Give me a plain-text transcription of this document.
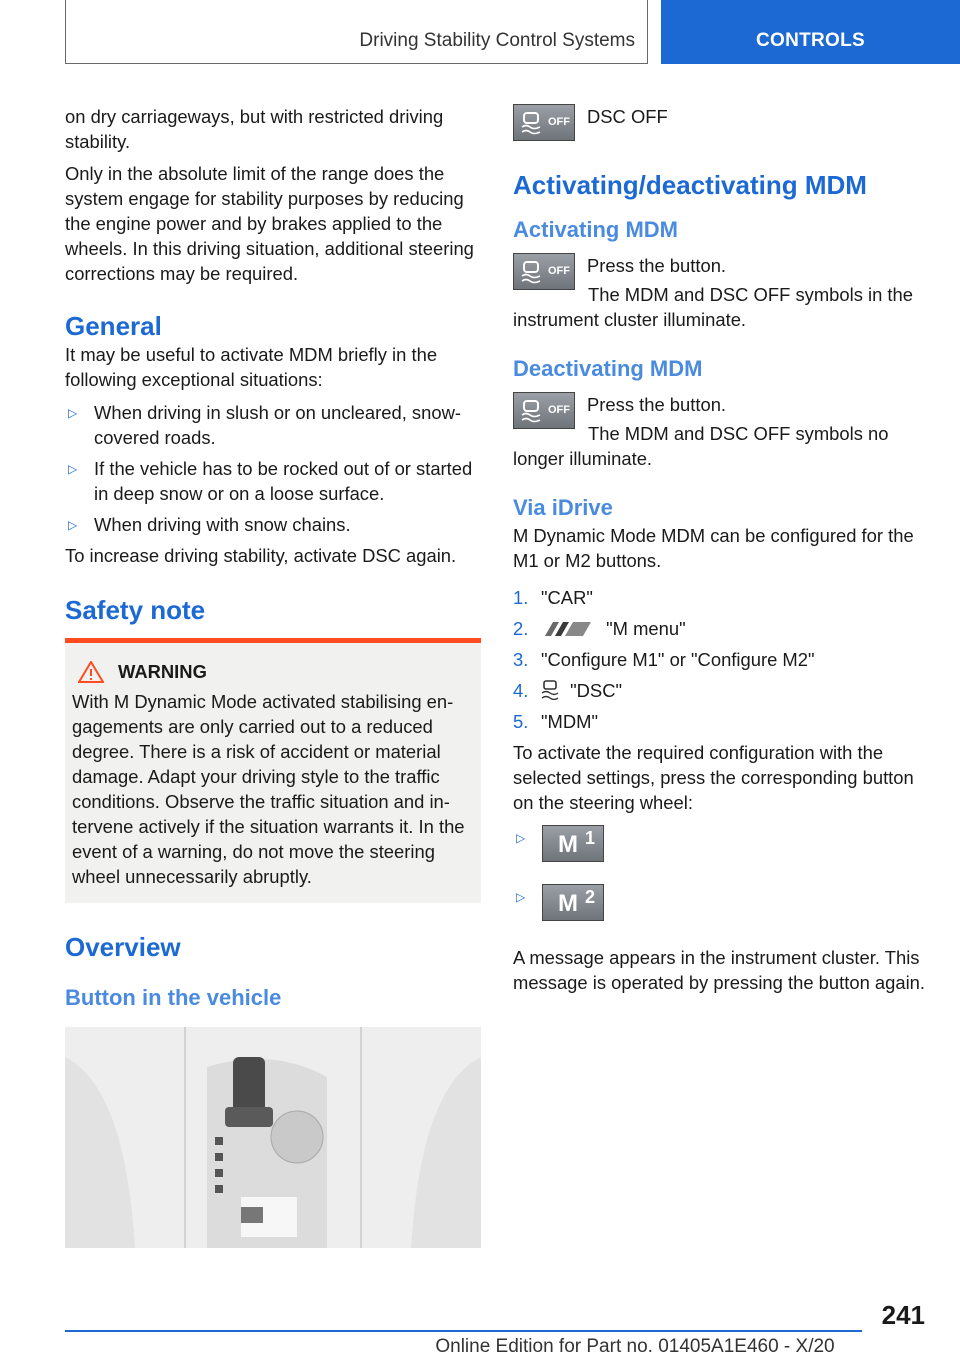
Driving Stability Control Systems	CONTROLS

on dry carriageways, but with restricted driving stability.

Only in the absolute limit of the range does the system engage for stability purposes by reducing the engine power and by brakes applied to the wheels. In this driving situation, additional steering corrections may be required.

General

It may be useful to activate MDM briefly in the following exceptional situations:

▷ When driving in slush or on uncleared, snow-covered roads.
▷ If the vehicle has to be rocked out of or started in deep snow or on a loose surface.
▷ When driving with snow chains.

To increase driving stability, activate DSC again.

Safety note
WARNING

With M Dynamic Mode activated stabilising engagements are only carried out to a reduced degree. There is a risk of accident or material damage. Adapt your driving style to the traffic conditions. Observe the traffic situation and intervene actively if the situation warrants it. In the event of a warning, do not move the steering wheel unnecessarily abruptly.

Overview
Button in the vehicle
OFF DSC OFF

Activating/deactivating MDM
Activating MDM
OFF Press the button.

The MDM and DSC OFF symbols in the instrument cluster illuminate.

Deactivating MDM
OFF Press the button.

The MDM and DSC OFF symbols no longer illuminate.

Via iDrive

M Dynamic Mode MDM can be configured for the M1 or M2 buttons.

1. "CAR"
2.	"M menu"
3. "Configure M1" or "Configure M2"
4. "DSC"
5. "MDM"

To activate the required configuration with the selected settings, press the corresponding button on the steering wheel:

▷ M 1
▷ M 2

A message appears in the instrument cluster. This message is operated by pressing the button again.

241
Online Edition for Part no. 01405A1E460 - X/20
